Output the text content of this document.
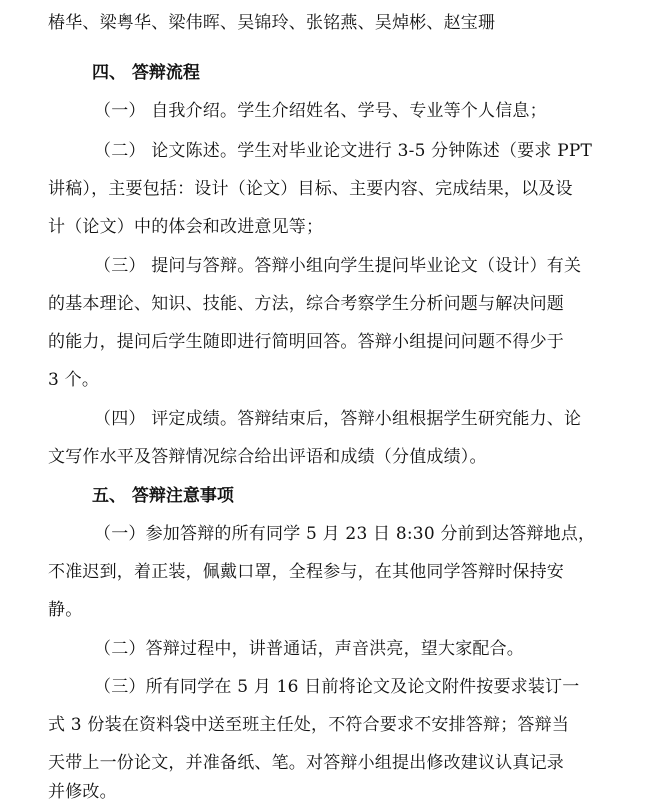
椿华、梁粤华、梁伟晖、吴锦玲、张铭燕、吴焯彬、赵宝珊
四、 答辩流程
（一） 自我介绍。学生介绍姓名、学号、专业等个人信息；
（二） 论文陈述。学生对毕业论文进行 3-5 分钟陈述（要求 PPT
讲稿），主要包括：设计（论文）目标、主要内容、完成结果，以及设
计（论文）中的体会和改进意见等；
（三） 提问与答辩。答辩小组向学生提问毕业论文（设计）有关
的基本理论、知识、技能、方法，综合考察学生分析问题与解决问题
的能力，提问后学生随即进行简明回答。答辩小组提问问题不得少于
3 个。
（四） 评定成绩。答辩结束后，答辩小组根据学生研究能力、论
文写作水平及答辩情况综合给出评语和成绩（分值成绩）。
五、 答辩注意事项
（一）参加答辩的所有同学 5 月 23 日 8:30 分前到达答辩地点，
不准迟到，着正装，佩戴口罩，全程参与，在其他同学答辩时保持安
静。
（二）答辩过程中，讲普通话，声音洪亮，望大家配合。
（三）所有同学在 5 月 16 日前将论文及论文附件按要求装订一
式 3 份装在资料袋中送至班主任处，不符合要求不安排答辩；答辩当
天带上一份论文，并准备纸、笔。对答辩小组提出修改建议认真记录
并修改。
